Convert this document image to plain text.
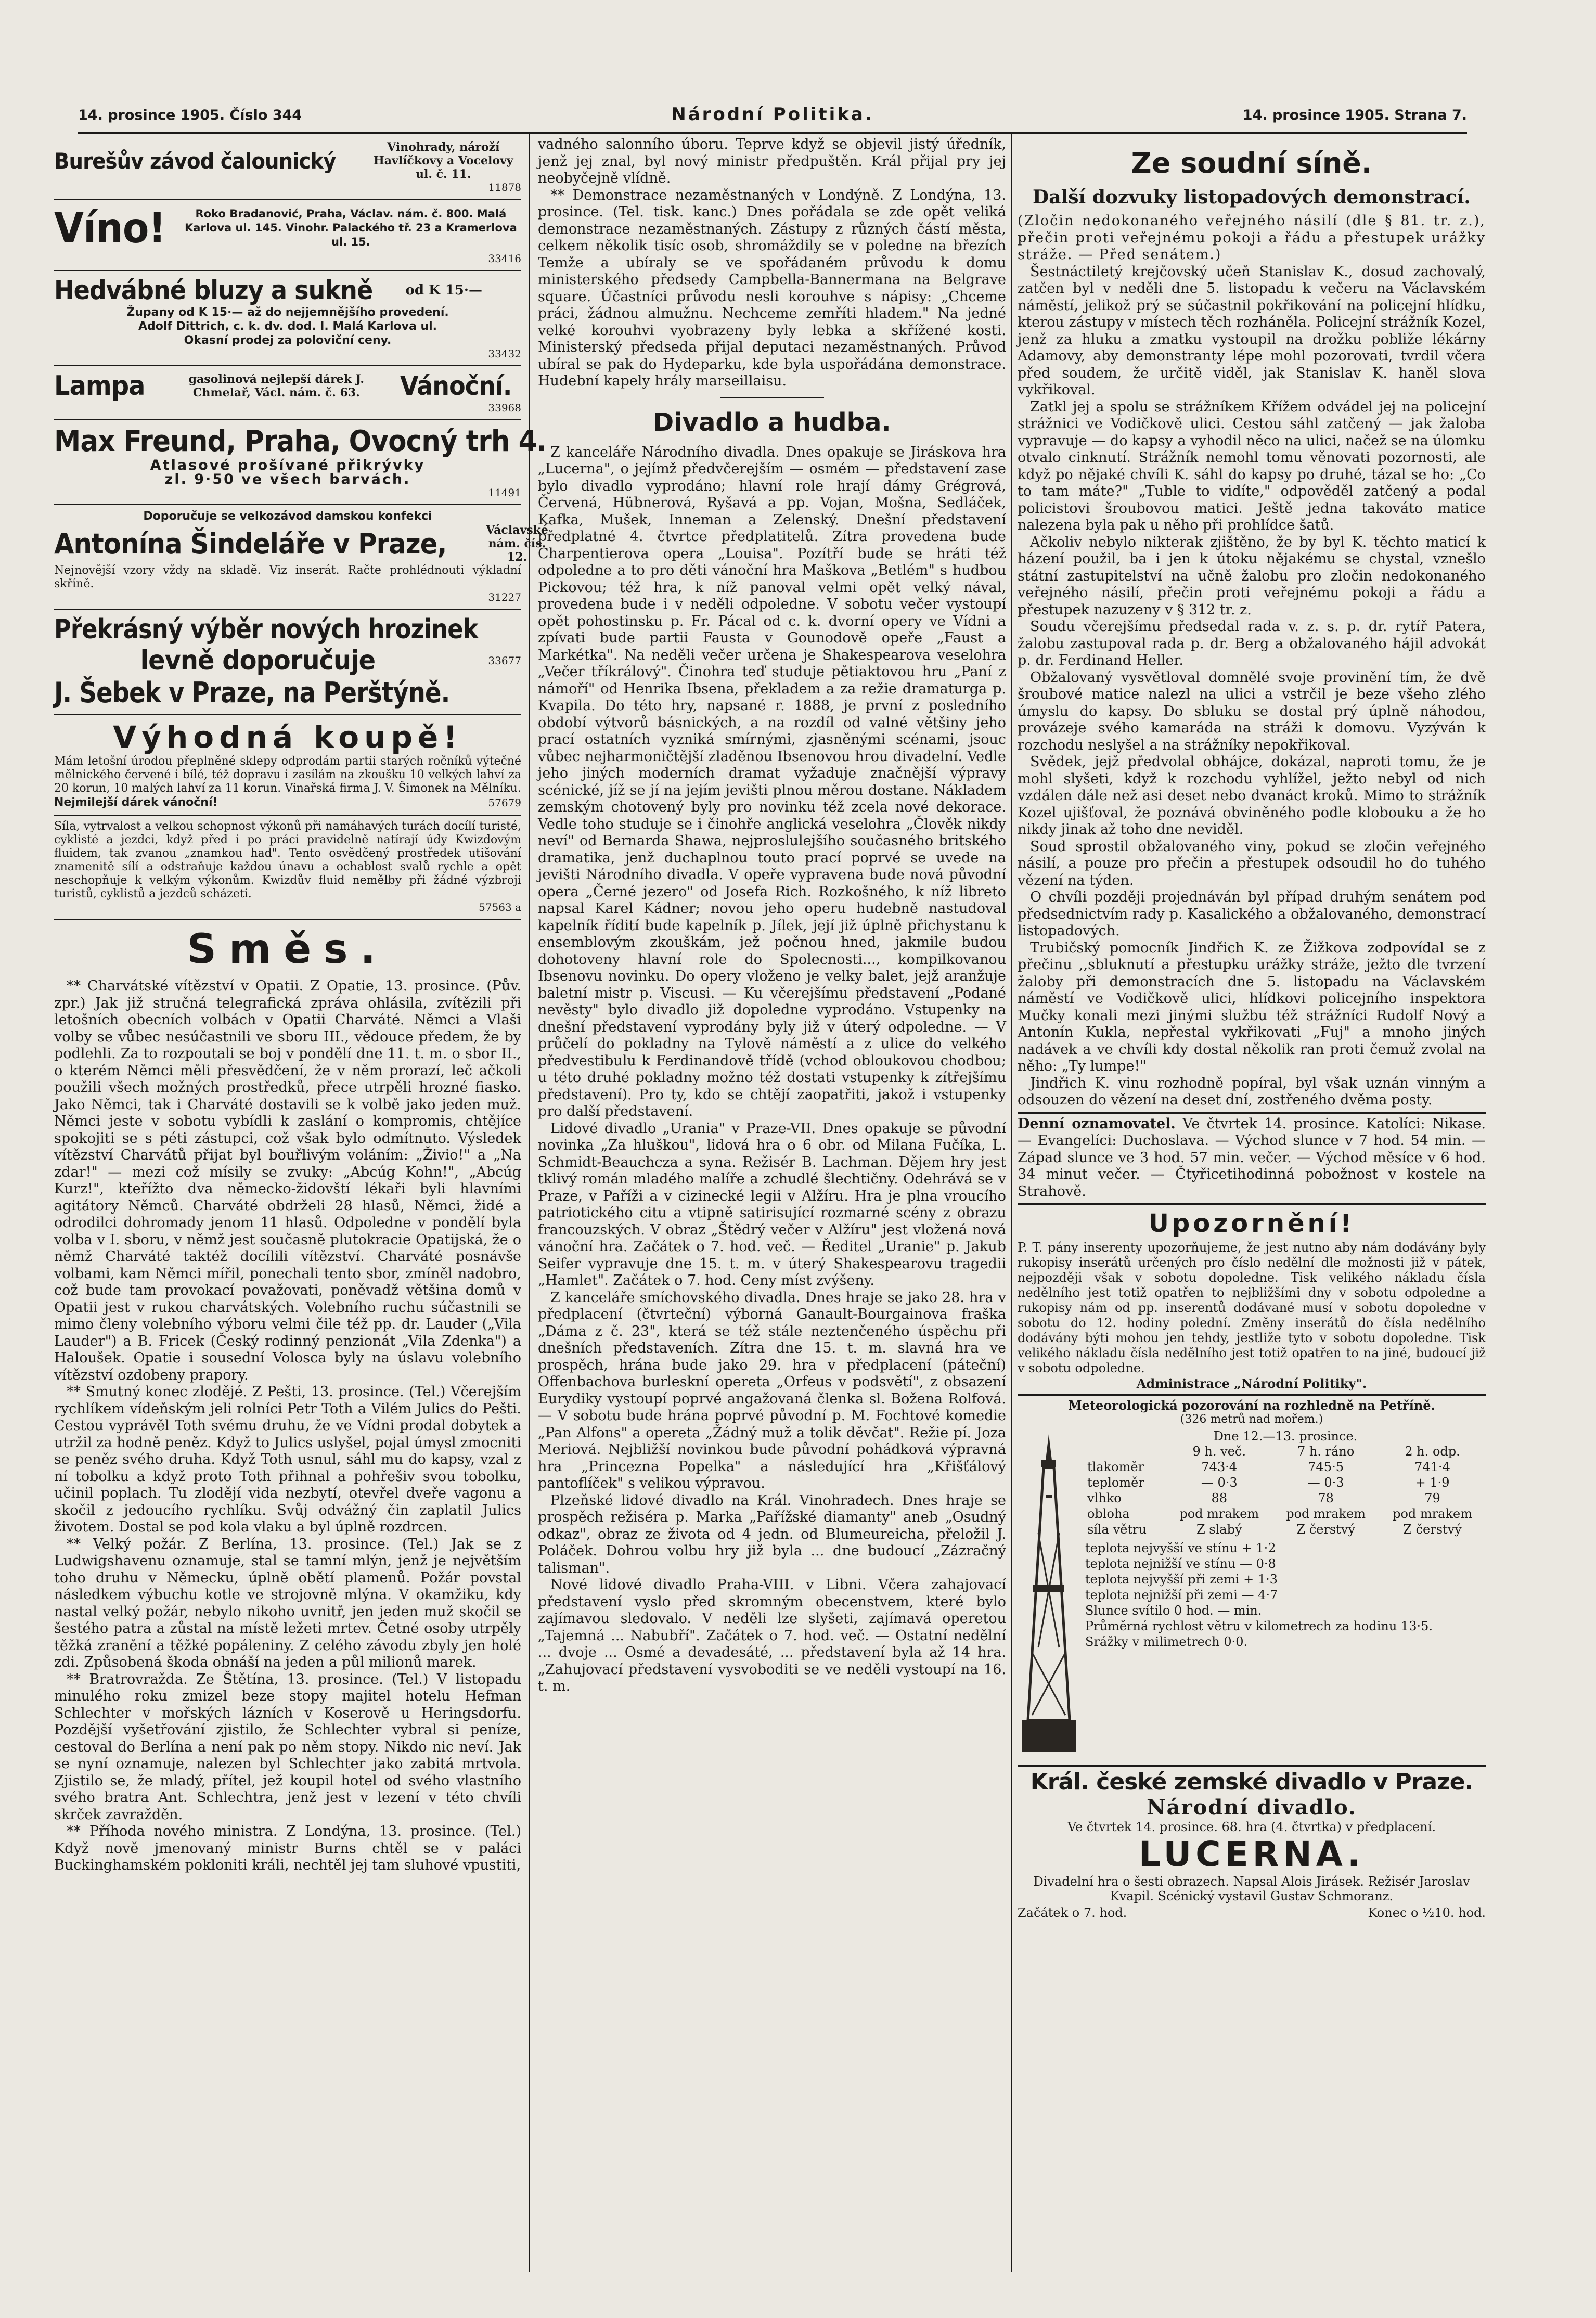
14. prosince 1905. Číslo 344	Národní Politika.	14. prosince 1905. Strana 7.
Burešův závod čalounický
Vinohrady, nároží Havlíčkovy a Vocelovy ul. č. 11.
11878
Víno!	Roko Bradanović, Praha, Václav. nám. č. 800. Malá Karlova ul. 145. Vinohr. Palackého tř. 23 a Kramerlova ul. 15.
33416
Hedvábné bluzy a sukně od K 15·—
Župany od K 15·— až do nejjemnějšího provedení.
Adolf Dittrich, c. k. dv. dod. I. Malá Karlova ul.
Okasní prodej za poloviční ceny.
33432
Lampa	gasolinová nejlepší dárek J. Chmelař, Václ. nám. č. 63.	Vánoční.
33968
Max Freund, Praha, Ovocný trh 4.
Atlasové prošívané přikrývky
zl. 9·50 ve všech barvách.
11491
Doporučuje se velkozávod damskou konfekci
Antonína Šindeláře v Praze,	Václavské nám. čís. 12.
Nejnovější vzory vždy na skladě. Viz inserát. Račte prohlédnouti výkladní skříně.
31227
Překrásný výběr nových hrozinek
levně doporučuje	33677
J. Šebek v Praze, na Perštýně.
Výhodná koupě!
Mám letošní úrodou přeplněné sklepy odprodám partii starých ročníků výtečné mělnického červené i bílé, též dopravu i zasílám na zkoušku 10 velkých lahví za 20 korun, 10 malých lahví za 11 korun. Vinařská firma J. V. Šimonek na Mělníku.
Nejmilejší dárek vánoční!	57679
Síla, vytrvalost a velkou schopnost výkonů při namáhavých turách docílí turisté, cyklisté a jezdci, když před i po práci pravidelně natírají údy Kwizdovým fluidem, tak zvanou „znamkou had". Tento osvědčený prostředek utišování znamenitě sílí a odstraňuje každou únavu a ochablost svalů rychle a opět neschopňuje k velkým výkonům. Kwizdův fluid nemělby při žádné výzbroji turistů, cyklistů a jezdců scházeti.
57563 a
Směs.

** Charvátské vítězství v Opatii. Z Opatie, 13. prosince. (Pův. zpr.) Jak již stručná telegrafická zpráva ohlásila, zvítězili při letošních obecních volbách v Opatii Charváté. Němci a Vlaši volby se vůbec nesúčastnili ve sboru III., vědouce předem, že by podlehli. Za to rozpoutali se boj v pondělí dne 11. t. m. o sbor II., o kterém Němci měli přesvědčení, že v něm prorazí, leč ačkoli použili všech možných prostředků, přece utrpěli hrozné fiasko. Jako Němci, tak i Charváté dostavili se k volbě jako jeden muž. Němci jeste v sobotu vybídli k zaslání o kompromis, chtějíce spokojiti se s péti zástupci, což však bylo odmítnuto. Výsledek vítězství Charvátů přijat byl bouřlivým voláním: „Živio!" a „Na zdar!" — mezi což mísily se zvuky: „Abcúg Kohn!", „Abcúg Kurz!", kteřížto dva německo-židovští lékaři byli hlavními agitátory Němců. Charváté obdrželi 28 hlasů, Němci, židé a odrodilci dohromady jenom 11 hlasů. Odpoledne v pondělí byla volba v I. sboru, v němž jest současně plutokracie Opatijská, že o němž Charváté taktéž docílili vítězství. Charváté posnávše volbami, kam Němci mířil, ponechali tento sbor, zmíněl nadobro, což bude tam provokací považovati, poněvadž většina domů v Opatii jest v rukou charvátských. Volebního ruchu súčastnili se mimo členy volebního výboru velmi čile též pp. dr. Lauder („Vila Lauder") a B. Fricek (Český rodinný penzionát „Vila Zdenka") a Haloušek. Opatie i sousední Volosca byly na úslavu volebního vítězství ozdobeny prapory.

** Smutný konec zlodějé. Z Pešti, 13. prosince. (Tel.) Včerejším rychlíkem vídeňským jeli rolníci Petr Toth a Vilém Julics do Pešti. Cestou vyprávěl Toth svému druhu, že ve Vídni prodal dobytek a utržil za hodně peněz. Když to Julics uslyšel, pojal úmysl zmocniti se peněz svého druha. Když Toth usnul, sáhl mu do kapsy, vzal z ní tobolku a když proto Toth přihnal a pohřešiv svou tobolku, učinil poplach. Tu zlodějí vida nezbytí, otevřel dveře vagonu a skočil z jedoucího rychlíku. Svůj odvážný čin zaplatil Julics životem. Dostal se pod kola vlaku a byl úplně rozdrcen.

** Velký požár. Z Berlína, 13. prosince. (Tel.) Jak se z Ludwigshavenu oznamuje, stal se tamní mlýn, jenž je největším toho druhu v Německu, úplně obětí plamenů. Požár povstal následkem výbuchu kotle ve strojovně mlýna. V okamžiku, kdy nastal velký požár, nebylo nikoho uvnitř, jen jeden muž skočil se šestého patra a zůstal na místě ležeti mrtev. Četné osoby utrpěly těžká zranění a těžké popáleniny. Z celého závodu zbyly jen holé zdi. Způsobená škoda obnáší na jeden a půl milionů marek.

** Bratrovražda. Ze Štětína, 13. prosince. (Tel.) V listopadu minulého roku zmizel beze stopy majitel hotelu Hefman Schlechter v mořských lázních v Koserově u Heringsdorfu. Pozdější vyšetřování zjistilo, že Schlechter vybral si peníze, cestoval do Berlína a není pak po něm stopy. Nikdo nic neví. Jak se nyní oznamuje, nalezen byl Schlechter jako zabitá mrtvola. Zjistilo se, že mladý, přítel, jež koupil hotel od svého vlastního svého bratra Ant. Schlechtra, jenž jest v lezení v této chvíli skrček zavražděn.

** Příhoda nového ministra. Z Londýna, 13. prosince. (Tel.) Když nově jmenovaný ministr Burns chtěl se v paláci Buckinghamském pokloniti králi, nechtěl jej tam sluhové vpustiti,

vadného salonního úboru. Teprve když se objevil jistý úředník, jenž jej znal, byl nový ministr předpuštěn. Král přijal pry jej neobyčejně vlídně.

** Demonstrace nezaměstnaných v Londýně. Z Londýna, 13. prosince. (Tel. tisk. kanc.) Dnes pořádala se zde opět veliká demonstrace nezaměstnaných. Zástupy z různých částí města, celkem několik tisíc osob, shromáždily se v poledne na březích Temže a ubíraly se ve spořádaném průvodu k domu ministerského předsedy Campbella-Bannermana na Belgrave square. Účastníci průvodu nesli korouhve s nápisy: „Chceme práci, žádnou almužnu. Nechceme zemříti hladem." Na jedné velké korouhvi vyobrazeny byly lebka a skřížené kosti. Ministerský předseda přijal deputaci nezaměstnaných. Průvod ubíral se pak do Hydeparku, kde byla uspořádána demonstrace. Hudební kapely hrály marseillaisu.

Divadlo a hudba.

Z kanceláře Národního divadla. Dnes opakuje se Jiráskova hra „Lucerna", o jejímž předvčerejším — osmém — představení zase bylo divadlo vyprodáno; hlavní role hrají dámy Grégrová, Červená, Hübnerová, Ryšavá a pp. Vojan, Mošna, Sedláček, Kafka, Mušek, Inneman a Zelenský. Dnešní představení předplatné 4. čtvrtce předplatitelů. Zítra provedena bude Charpentierova opera „Louisa". Pozítří bude se hráti též odpoledne a to pro děti vánoční hra Maškova „Betlém" s hudbou Pickovou; též hra, k níž panoval velmi opět velký nával, provedena bude i v neděli odpoledne. V sobotu večer vystoupí opět pohostinsku p. Fr. Pácal od c. k. dvorní opery ve Vídni a zpívati bude partii Fausta v Gounodově opeře „Faust a Markétka". Na neděli večer určena je Shakespearova veselohra „Večer tříkrálový". Činohra teď studuje pětiaktovou hru „Paní z námoří" od Henrika Ibsena, překladem a za režie dramaturga p. Kvapila. Do této hry, napsané r. 1888, je první z posledního období výtvorů básnických, a na rozdíl od valné většiny jeho prací ostatních vyzniká smírnými, zjasněnými scénami, jsouc vůbec nejharmoničtější zladěnou Ibsenovou hrou divadelní. Vedle jeho jiných moderních dramat vyžaduje značnější výpravy scénické, jíž se jí na jejím jevišti plnou měrou dostane. Nákladem zemským chotovený byly pro novinku též zcela nové dekorace. Vedle toho studuje se i činohře anglická veselohra „Člověk nikdy neví" od Bernarda Shawa, nejproslulejšího současného britského dramatika, jenž duchaplnou touto prací poprvé se uvede na jevišti Národního divadla. V opeře vypravena bude nová původní opera „Černé jezero" od Josefa Rich. Rozkošného, k níž libreto napsal Karel Kádner; novou jeho operu hudebně nastudoval kapelník řídití bude kapelník p. Jílek, její již úplně přichystanu k ensemblovým zkouškám, jež počnou hned, jakmile budou dohotoveny hlavní role do Spolecnosti..., kompilkovanou Ibsenovu novinku. Do opery vloženo je velky balet, jejž aranžuje baletní mistr p. Viscusi. — Ku včerejšímu představení „Podané nevěsty" bylo divadlo již dopoledne vyprodáno. Vstupenky na dnešní představení vyprodány byly již v úterý odpoledne. — V průčelí do pokladny na Tylově náměstí a z ulice do velkého předvestibulu k Ferdinandově třídě (vchod obloukovou chodbou; u této druhé pokladny možno též dostati vstupenky k zítřejšímu představení). Pro ty, kdo se chtějí zaopatřiti, jakož i vstupenky pro další představení.

Lidové divadlo „Urania" v Praze-VII. Dnes opakuje se původní novinka „Za hluškou", lidová hra o 6 obr. od Milana Fučíka, L. Schmidt-Beauchcza a syna. Režisér B. Lachman. Dějem hry jest tklivý román mladého malíře a zchudlé šlechtičny. Odehrává se v Praze, v Paříži a v cizinecké legii v Alžíru. Hra je plna vroucího patriotického citu a vtipně satirisující rozmarné scény z obrazu francouzských. V obraz „Štědrý večer v Alžíru" jest vložená nová vánoční hra. Začátek o 7. hod. več. — Ředitel „Uranie" p. Jakub Seifer vypravuje dne 15. t. m. v úterý Shakespearovu tragedii „Hamlet". Začátek o 7. hod. Ceny míst zvýšeny.

Z kanceláře smíchovského divadla. Dnes hraje se jako 28. hra v předplacení (čtvrteční) výborná Ganault-Bourgainova fraška „Dáma z č. 23", která se též stále neztenčeného úspěchu při dnešních představeních. Zítra dne 15. t. m. slavná hra ve prospěch, hrána bude jako 29. hra v předplacení (páteční) Offenbachova burleskní opereta „Orfeus v podsvětí", z obsazení Eurydiky vystoupí poprvé angažovaná členka sl. Božena Rolfová. — V sobotu bude hrána poprvé původní p. M. Fochtové komedie „Pan Alfons" a opereta „Žádný muž a tolik děvčat". Režie pí. Joza Meriová. Nejbližší novinkou bude původní pohádková výpravná hra „Princezna Popelka" a následující hra „Křišťálový pantoflíček" s velikou výpravou.

Plzeňské lidové divadlo na Král. Vinohradech. Dnes hraje se prospěch režiséra p. Marka „Pařížské diamanty" aneb „Osudný odkaz", obraz ze života od 4 jedn. od Blumeureicha, přeložil J. Poláček. Dohrou volbu hry již byla ... dne budoucí „Zázračný talisman".

Nové lidové divadlo Praha-VIII. v Libni. Včera zahajovací představení vyslo před skromným obecenstvem, které bylo zajímavou sledovalo. V neděli lze slyšeti, zajímavá operetou „Tajemná ... Nabubří". Začátek o 7. hod. več. — Ostatní nedělní ... dvoje ... Osmé a devadesáté, ... představení byla až 14 hra. „Zahujovací představení vysvoboditi se ve neděli vystoupí na 16. t. m.

Ze soudní síně.
Další dozvuky listopadových demonstrací.

(Zločin nedokonaného veřejného násilí (dle § 81. tr. z.), přečin proti veřejnému pokoji a řádu a přestupek urážky stráže. — Před senátem.)

Šestnáctiletý krejčovský učeň Stanislav K., dosud zachovalý, zatčen byl v neděli dne 5. listopadu k večeru na Václavském náměstí, jelikož prý se súčastnil pokřikování na policejní hlídku, kterou zástupy v místech těch rozháněla. Policejní strážník Kozel, jenž za hluku a zmatku vystoupil na drožku pobliže lékárny Adamovy, aby demonstranty lépe mohl pozorovati, tvrdil včera před soudem, že určitě viděl, jak Stanislav K. haněl slova vykřikoval.

Zatkl jej a spolu se strážníkem Křížem odvádel jej na policejní strážnici ve Vodičkově ulici. Cestou sáhl zatčený — jak žaloba vypravuje — do kapsy a vyhodil něco na ulici, načež se na úlomku otvalo cinknutí. Strážník nemohl tomu věnovati pozornosti, ale když po nějaké chvíli K. sáhl do kapsy po druhé, tázal se ho: „Co to tam máte?" „Tuble to vidíte," odpověděl zatčený a podal policistovi šroubovou matici. Ještě jedna takováto matice nalezena byla pak u něho při prohlídce šatů.

Ačkoliv nebylo nikterak zjištěno, že by byl K. těchto maticí k házení použil, ba i jen k útoku nějakému se chystal, vznešlo státní zastupitelství na učně žalobu pro zločin nedokonaného veřejného násilí, přečin proti veřejnému pokoji a řádu a přestupek nazuzeny v § 312 tr. z.

Soudu včerejšímu předsedal rada v. z. s. p. dr. rytíř Patera, žalobu zastupoval rada p. dr. Berg a obžalovaného hájil advokát p. dr. Ferdinand Heller.

Obžalovaný vysvětloval domnělé svoje provinění tím, že dvě šroubové matice nalezl na ulici a vstrčil je beze všeho zlého úmyslu do kapsy. Do sbluku se dostal prý úplně náhodou, provázeje svého kamaráda na stráži k domovu. Vyzýván k rozchodu neslyšel a na strážníky nepokřikoval.

Svědek, jejž předvolal obhájce, dokázal, naproti tomu, že je mohl slyšeti, když k rozchodu vyhlížel, ježto nebyl od nich vzdálen dále než asi deset nebo dvanáct kroků. Mimo to strážník Kozel ujišťoval, že poznává obviněného podle klobouku a že ho nikdy jinak až toho dne neviděl.

Soud sprostil obžalovaného viny, pokud se zločin veřejného násilí, a pouze pro přečin a přestupek odsoudil ho do tuhého vězení na týden.

O chvíli později projednáván byl případ druhým senátem pod předsednictvím rady p. Kasalického a obžalovaného, demonstrací listopadových.

Trubičský pomocník Jindřich K. ze Žižkova zodpovídal se z přečinu ,,sbluknutí a přestupku urážky stráže, ježto dle tvrzení žaloby při demonstracích dne 5. listopadu na Václavském náměstí ve Vodičkově ulici, hlídkovi policejního inspektora Mučky konali mezi jinými službu též strážníci Rudolf Nový a Antonín Kukla, nepřestal vykřikovati „Fuj" a mnoho jiných nadávek a ve chvíli kdy dostal několik ran proti čemuž zvolal na něho: „Ty lumpe!"

Jindřich K. vinu rozhodně popíral, byl však uznán vinným a odsouzen do vězení na deset dní, zostřeného dvěma posty.

Denní oznamovatel. Ve čtvrtek 14. prosince. Katolíci: Nikase. — Evangelíci: Duchoslava. — Východ slunce v 7 hod. 54 min. — Západ slunce ve 3 hod. 57 min. večer. — Východ měsíce v 6 hod. 34 minut večer. — Čtyřicetihodinná pobožnost v kostele na Strahově.

Upozornění!

P. T. pány inserenty upozorňujeme, že jest nutno aby nám dodávány byly rukopisy inserátů určených pro číslo nedělní dle možnosti již v pátek, nejpozději však v sobotu dopoledne. Tisk velikého nákladu čísla nedělního jest totiž opatřen to nejbližšími dny v sobotu odpoledne a rukopisy nám od pp. inserentů dodávané musí v sobotu dopoledne v sobotu do 12. hodiny polední. Změny inserátů do čísla nedělního dodávány býti mohou jen tehdy, jestliže tyto v sobotu dopoledne. Tisk velikého nákladu čísla nedělního jest totiž opatřen to na jiné, budoucí již v sobotu odpoledne.

Administrace „Národní Politiky".
Meteorologická pozorování na rozhledně na Petříně.
(326 metrů nad mořem.)
Dne 12.—13. prosince.
	9 h. več.	7 h. ráno	2 h. odp.
tlakoměr	743·4	745·5	741·4
teploměr	— 0·3	— 0·3	+ 1·9
vlhko	88	78	79
obloha	pod mrakem	pod mrakem	pod mrakem
síla větru	Z slabý	Z čerstvý	Z čerstvý
teplota nejvyšší ve stínu + 1·2
teplota nejnižší ve stínu — 0·8
teplota nejvyšší při zemi + 1·3
teplota nejnižší při zemi — 4·7
Slunce svítilo 0 hod. — min.
Průměrná rychlost větru v kilometrech za hodinu 13·5.
Srážky v milimetrech 0·0.
Král. české zemské divadlo v Praze.
Národní divadlo.
Ve čtvrtek 14. prosince. 68. hra (4. čtvrtka) v předplacení.
LUCERNA.
Divadelní hra o šesti obrazech. Napsal Alois Jirásek. Režisér Jaroslav Kvapil. Scénický vystavil Gustav Schmoranz.
Začátek o 7. hod.	Konec o ½10. hod.
